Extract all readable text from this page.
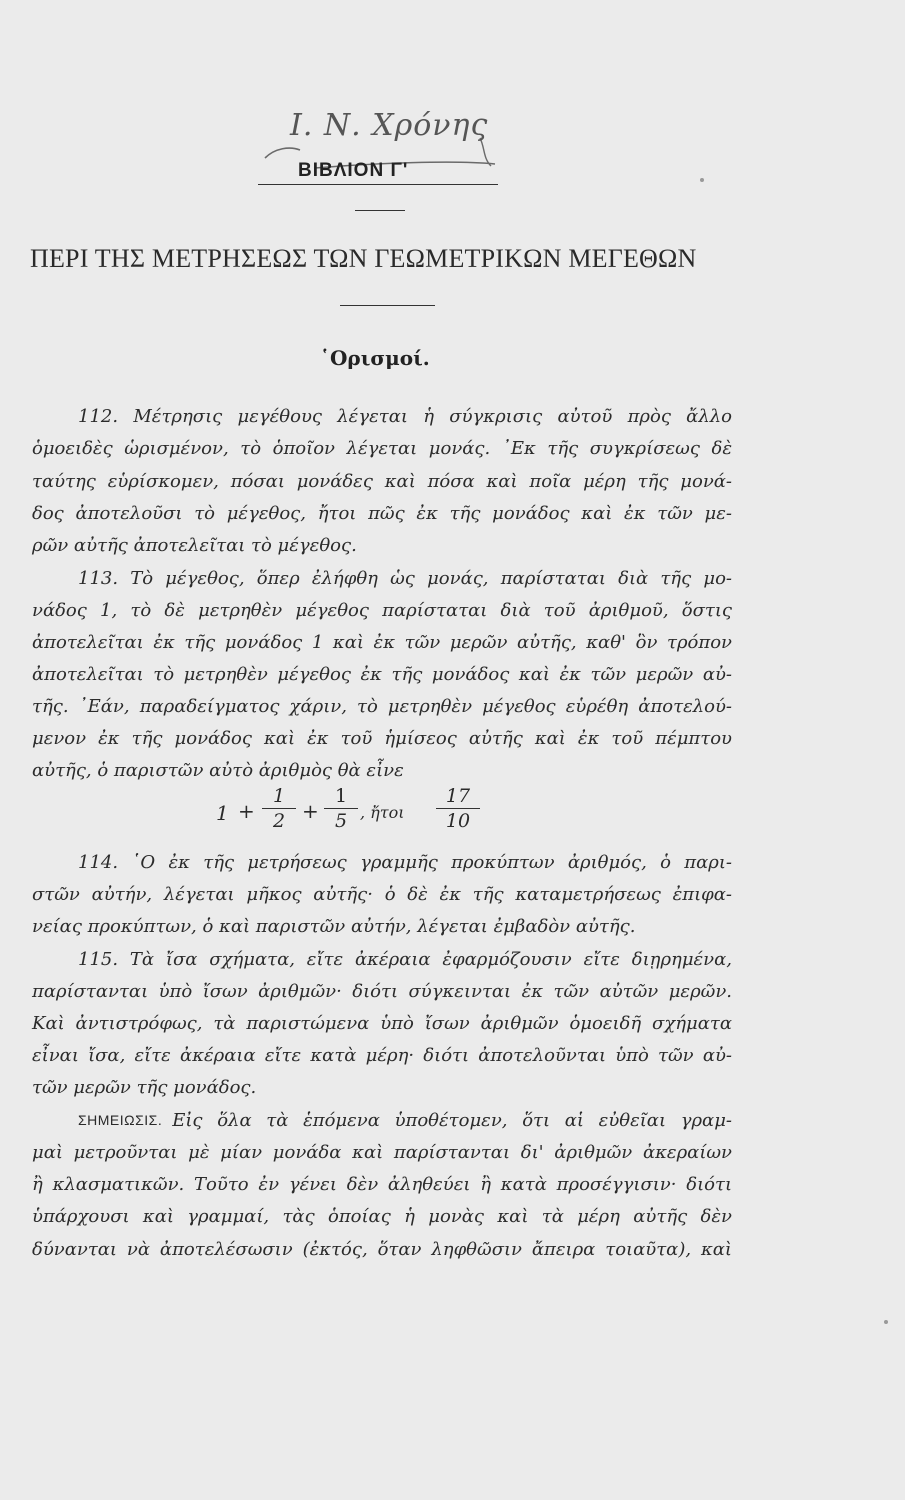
Ι. Ν. Χρόνης
ΒΙΒΛΙΟΝ Γ'
ΠΕΡΙ ΤΗΣ ΜΕΤΡΗΣΕΩΣ ΤΩΝ ΓΕΩΜΕΤΡΙΚΩΝ ΜΕΓΕΘΩΝ
῾Ορισμοί.
112. Μέτρησις μεγέθους λέγεται ἡ σύγκρισις αὐτοῦ πρὸς ἄλλο
ὁμοειδὲς ὡρισμένον, τὸ ὁποῖον λέγεται μονάς. ᾿Εκ τῆς συγκρίσεως δὲ
ταύτης εὑρίσκομεν, πόσαι μονάδες καὶ πόσα καὶ ποῖα μέρη τῆς μονά-
δος ἀποτελοῦσι τὸ μέγεθος, ἤτοι πῶς ἐκ τῆς μονάδος καὶ ἐκ τῶν με-
ρῶν αὐτῆς ἀποτελεῖται τὸ μέγεθος.
113. Τὸ μέγεθος, ὅπερ ἐλήφθη ὡς μονάς, παρίσταται διὰ τῆς μο-
νάδος 1, τὸ δὲ μετρηθὲν μέγεθος παρίσταται διὰ τοῦ ἀριθμοῦ, ὅστις
ἀποτελεῖται ἐκ τῆς μονάδος 1 καὶ ἐκ τῶν μερῶν αὐτῆς, καθ' ὃν τρόπον
ἀποτελεῖται τὸ μετρηθὲν μέγεθος ἐκ τῆς μονάδος καὶ ἐκ τῶν μερῶν αὐ-
τῆς. ᾿Εάν, παραδείγματος χάριν, τὸ μετρηθὲν μέγεθος εὑρέθη ἀποτελού-
μενον ἐκ τῆς μονάδος καὶ ἐκ τοῦ ἡμίσεος αὐτῆς καὶ ἐκ τοῦ πέμπτου
αὐτῆς, ὁ παριστῶν αὐτὸ ἀριθμὸς θὰ εἶνε
1 +
1
2 +
1
5 , ἤτοι
17
10
114. ῾Ο ἐκ τῆς μετρήσεως γραμμῆς προκύπτων ἀριθμός, ὁ παρι-
στῶν αὐτήν, λέγεται μῆκος αὐτῆς· ὁ δὲ ἐκ τῆς καταμετρήσεως ἐπιφα-
νείας προκύπτων, ὁ καὶ παριστῶν αὐτήν, λέγεται ἐμβαδὸν αὐτῆς.
115. Τὰ ἴσα σχήματα, εἴτε ἀκέραια ἐφαρμόζουσιν εἴτε διῃρημένα,
παρίστανται ὑπὸ ἴσων ἀριθμῶν· διότι σύγκεινται ἐκ τῶν αὐτῶν μερῶν.
Καὶ ἀντιστρόφως, τὰ παριστώμενα ὑπὸ ἴσων ἀριθμῶν ὁμοειδῆ σχήματα
εἶναι ἴσα, εἴτε ἀκέραια εἴτε κατὰ μέρη· διότι ἀποτελοῦνται ὑπὸ τῶν αὐ-
τῶν μερῶν τῆς μονάδος.
ΣΗΜΕΙΩΣΙΣ. Εἰς ὅλα τὰ ἑπόμενα ὑποθέτομεν, ὅτι αἱ εὐθεῖαι γραμ-
μαὶ μετροῦνται μὲ μίαν μονάδα καὶ παρίστανται δι' ἀριθμῶν ἀκεραίων
ἢ κλασματικῶν. Τοῦτο ἐν γένει δὲν ἀληθεύει ἢ κατὰ προσέγγισιν· διότι
ὑπάρχουσι καὶ γραμμαί, τὰς ὁποίας ἡ μονὰς καὶ τὰ μέρη αὐτῆς δὲν
δύνανται νὰ ἀποτελέσωσιν (ἐκτός, ὅταν ληφθῶσιν ἄπειρα τοιαῦτα), καὶ
